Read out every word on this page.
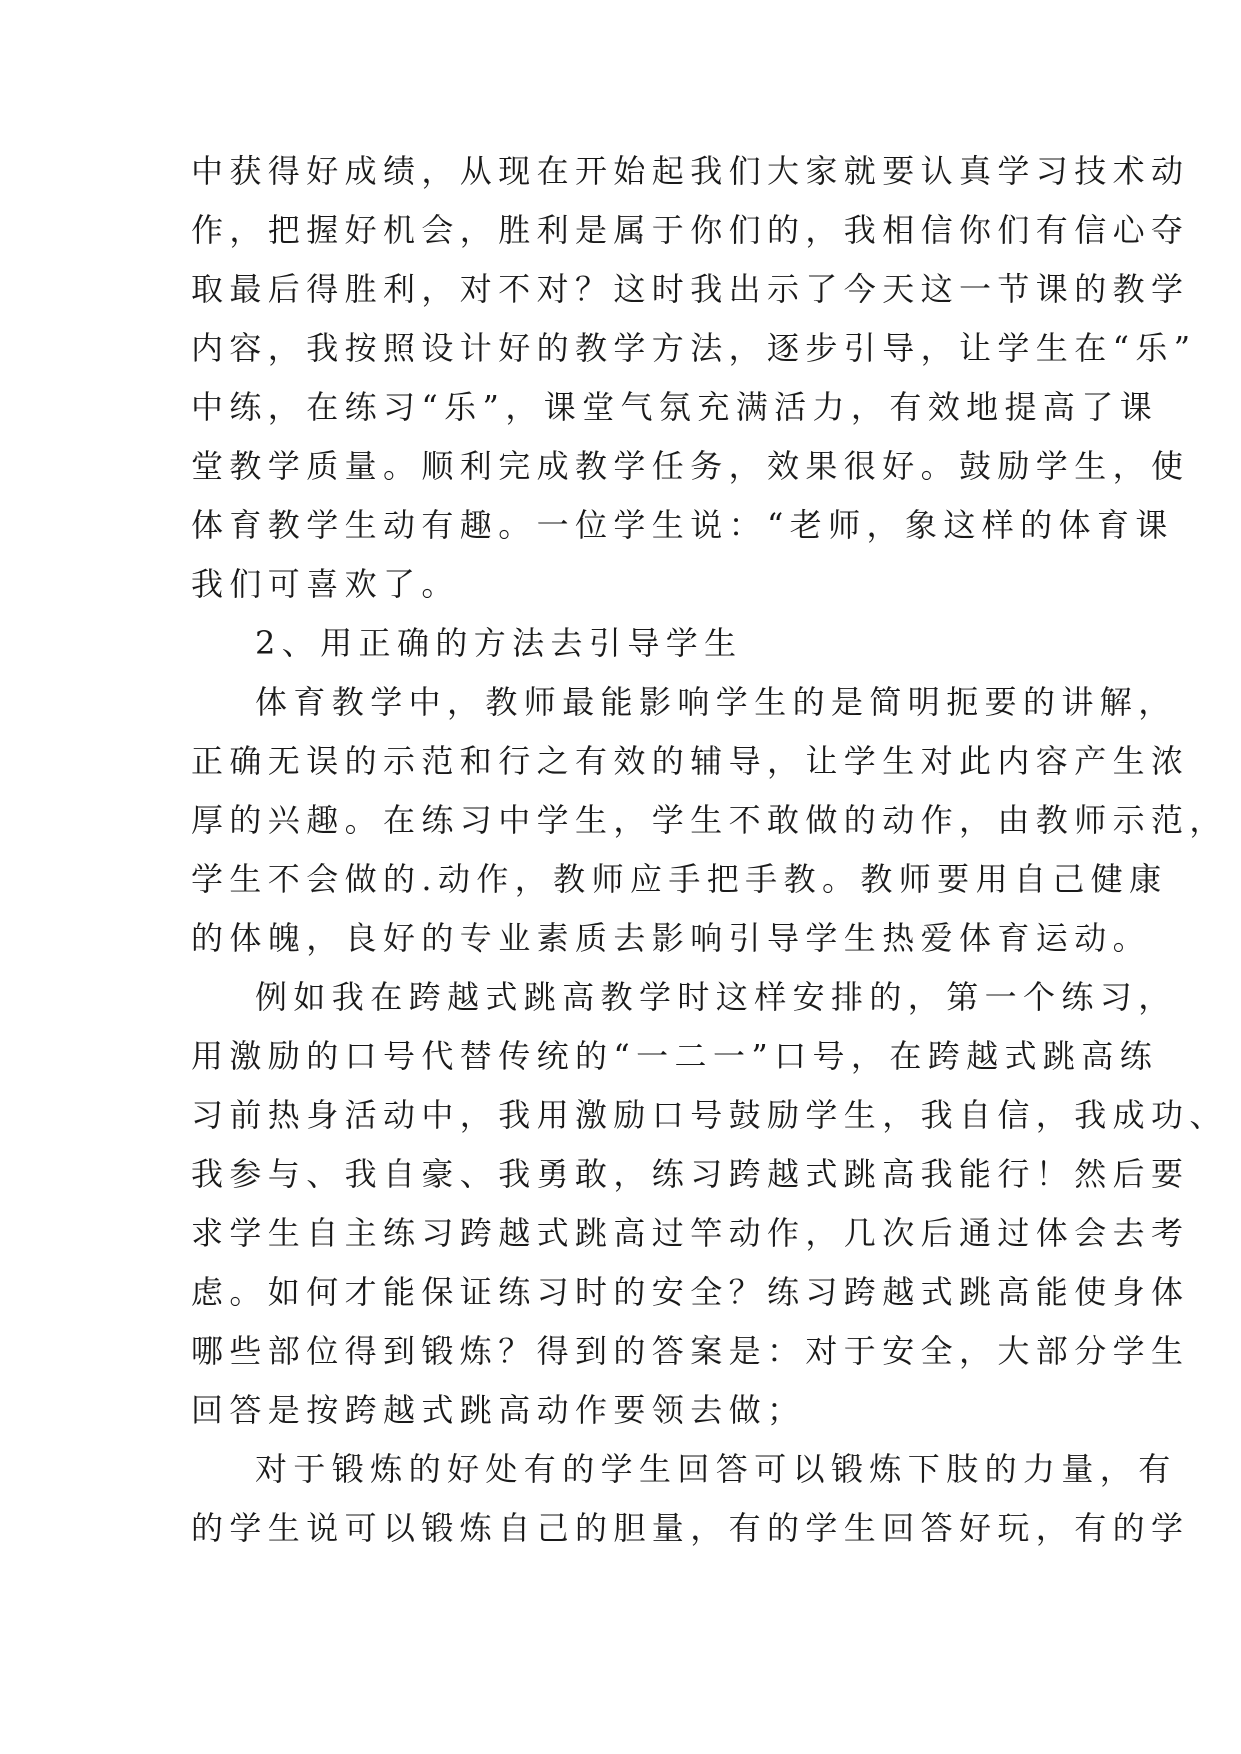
中获得好成绩，从现在开始起我们大家就要认真学习技术动

作，把握好机会，胜利是属于你们的，我相信你们有信心夺

取最后得胜利，对不对？这时我出示了今天这一节课的教学

内容，我按照设计好的教学方法，逐步引导，让学生在“乐”

中练，在练习“乐”，课堂气氛充满活力，有效地提高了课

堂教学质量。顺利完成教学任务，效果很好。鼓励学生，使

体育教学生动有趣。一位学生说：“老师，象这样的体育课

我们可喜欢了。

2、用正确的方法去引导学生

体育教学中，教师最能影响学生的是简明扼要的讲解，

正确无误的示范和行之有效的辅导，让学生对此内容产生浓

厚的兴趣。在练习中学生，学生不敢做的动作，由教师示范，

学生不会做的.动作，教师应手把手教。教师要用自己健康

的体魄，良好的专业素质去影响引导学生热爱体育运动。

例如我在跨越式跳高教学时这样安排的，第一个练习，

用激励的口号代替传统的“一二一”口号，在跨越式跳高练

习前热身活动中，我用激励口号鼓励学生，我自信，我成功、

我参与、我自豪、我勇敢，练习跨越式跳高我能行！然后要

求学生自主练习跨越式跳高过竿动作，几次后通过体会去考

虑。如何才能保证练习时的安全？练习跨越式跳高能使身体

哪些部位得到锻炼？得到的答案是：对于安全，大部分学生

回答是按跨越式跳高动作要领去做；

对于锻炼的好处有的学生回答可以锻炼下肢的力量，有

的学生说可以锻炼自己的胆量，有的学生回答好玩，有的学
